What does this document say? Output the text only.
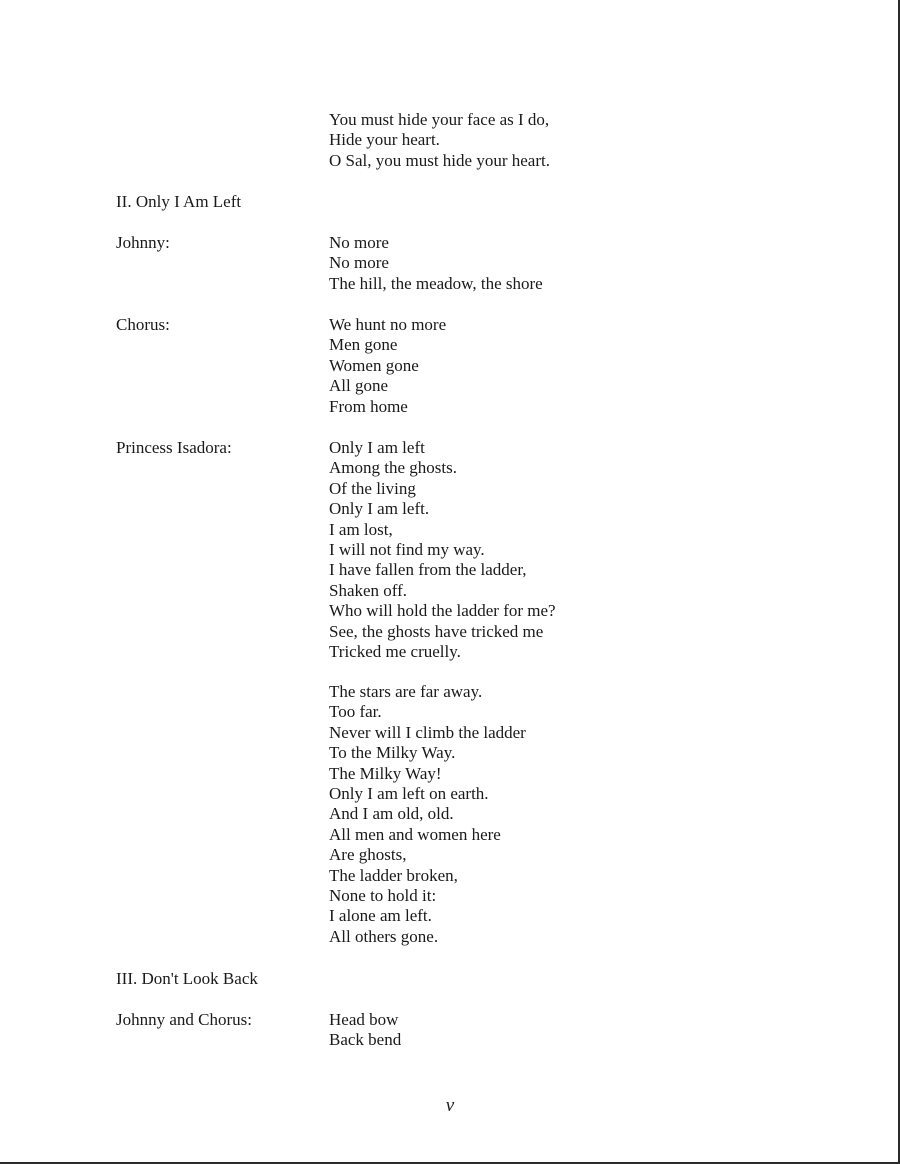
You must hide your face as I do,
Hide your heart.
O Sal, you must hide your heart.
II. Only I Am Left
Johnny:	No more
No more
The hill, the meadow, the shore
Chorus:	We hunt no more
Men gone
Women gone
All gone
From home
Princess Isadora:	Only I am left
Among the ghosts.
Of the living
Only I am left.
I am lost,
I will not find my way.
I have fallen from the ladder,
Shaken off.
Who will hold the ladder for me?
See, the ghosts have tricked me
Tricked me cruelly.
The stars are far away.
Too far.
Never will I climb the ladder
To the Milky Way.
The Milky Way!
Only I am left on earth.
And I am old, old.
All men and women here
Are ghosts,
The ladder broken,
None to hold it:
I alone am left.
All others gone.
III. Don't Look Back
Johnny and Chorus:	Head bow
Back bend
v
